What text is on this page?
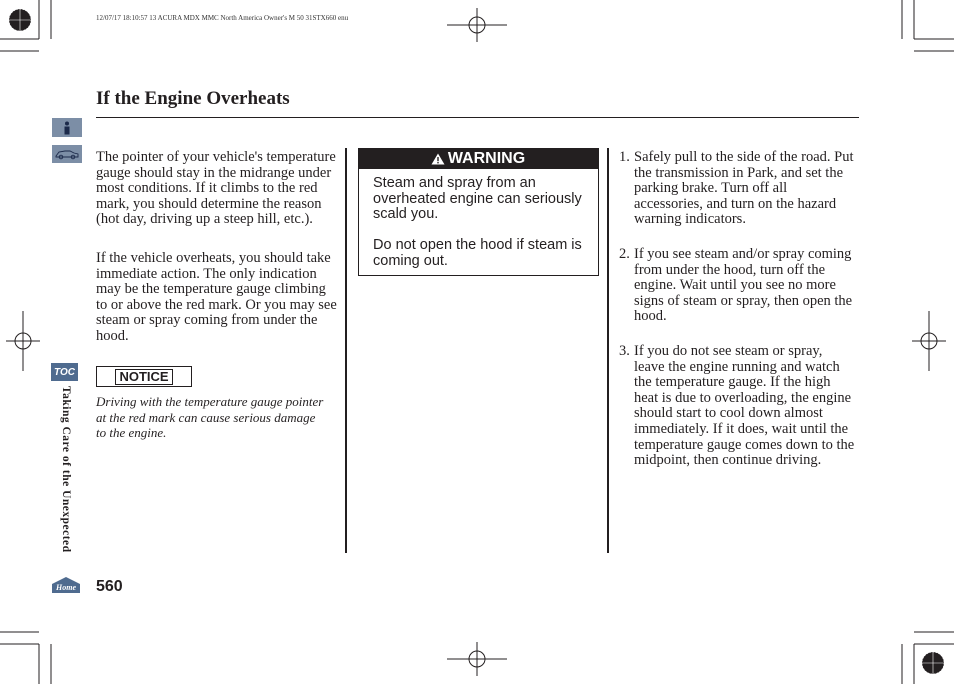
12/07/17 18:10:57 13 ACURA MDX MMC North America Owner's M 50 31STX660 enu
If the Engine Overheats
TOC
Taking Care of the Unexpected
Home 560
The pointer of your vehicle's temperature gauge should stay in the midrange under most conditions. If it climbs to the red mark, you should determine the reason (hot day, driving up a steep hill, etc.).
If the vehicle overheats, you should take immediate action. The only indication may be the temperature gauge climbing to or above the red mark. Or you may see steam or spray coming from under the hood.
NOTICE
Driving with the temperature gauge pointer at the red mark can cause serious damage to the engine.
WARNING
Steam and spray from an overheated engine can seriously scald you.
Do not open the hood if steam is coming out.
1. Safely pull to the side of the road. Put the transmission in Park, and set the parking brake. Turn off all accessories, and turn on the hazard warning indicators.
2. If you see steam and/or spray coming from under the hood, turn off the engine. Wait until you see no more signs of steam or spray, then open the hood.
3. If you do not see steam or spray, leave the engine running and watch the temperature gauge. If the high heat is due to overloading, the engine should start to cool down almost immediately. If it does, wait until the temperature gauge comes down to the midpoint, then continue driving.
